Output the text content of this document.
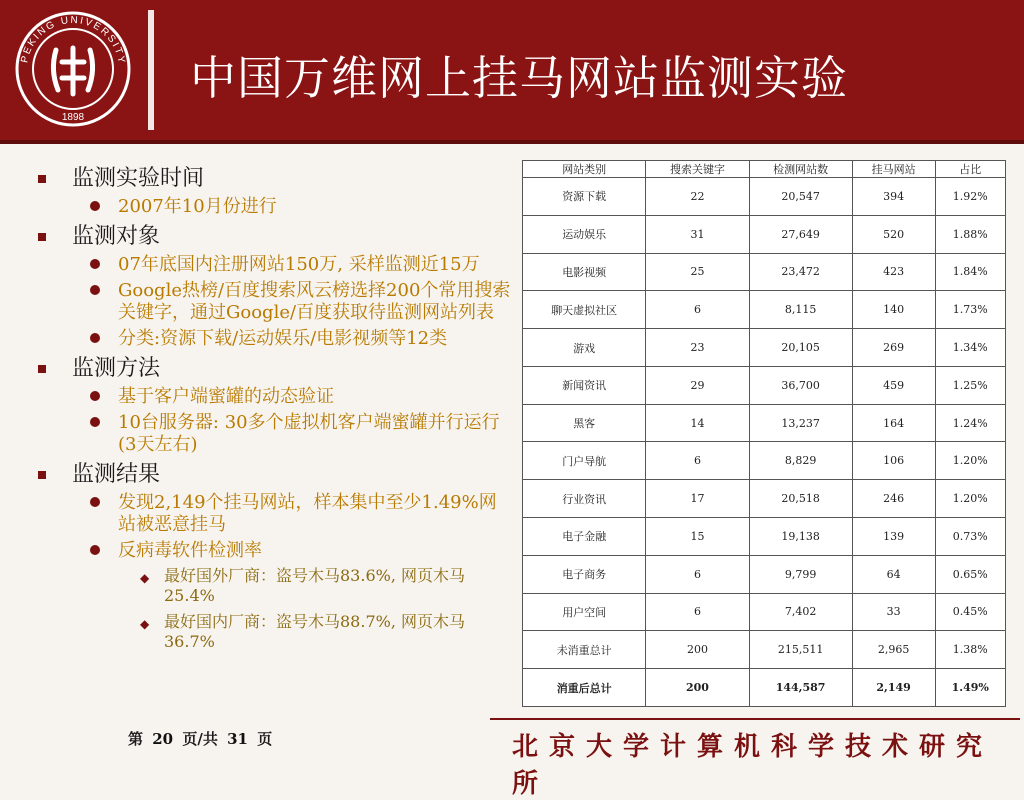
PEKING UNIVERSITY
1898
中国万维网上挂马网站监测实验
监测实验时间
2007年10月份进行
监测对象
07年底国内注册网站150万, 采样监测近15万
Google热榜/百度搜索风云榜选择200个常用搜索关键字，通过Google/百度获取待监测网站列表
分类:资源下载/运动娱乐/电影视频等12类
监测方法
基于客户端蜜罐的动态验证
10台服务器: 30多个虚拟机客户端蜜罐并行运行(3天左右)
监测结果
发现2,149个挂马网站，样本集中至少1.49%网站被恶意挂马
反病毒软件检测率
◆ 最好国外厂商：盗号木马83.6%, 网页木马25.4%
◆ 最好国内厂商：盗号木马88.7%, 网页木马36.7%
网站类别	搜索关键字	检测网站数	挂马网站	占比
资源下载	22	20,547	394	1.92%
运动娱乐	31	27,649	520	1.88%
电影视频	25	23,472	423	1.84%
聊天虚拟社区	6	8,115	140	1.73%
游戏	23	20,105	269	1.34%
新闻资讯	29	36,700	459	1.25%
黑客	14	13,237	164	1.24%
门户导航	6	8,829	106	1.20%
行业资讯	17	20,518	246	1.20%
电子金融	15	19,138	139	0.73%
电子商务	6	9,799	64	0.65%
用户空间	6	7,402	33	0.45%
未消重总计	200	215,511	2,965	1.38%
消重后总计	200	144,587	2,149	1.49%
第 20 页/共 31 页	北京大学计算机科学技术研究所
